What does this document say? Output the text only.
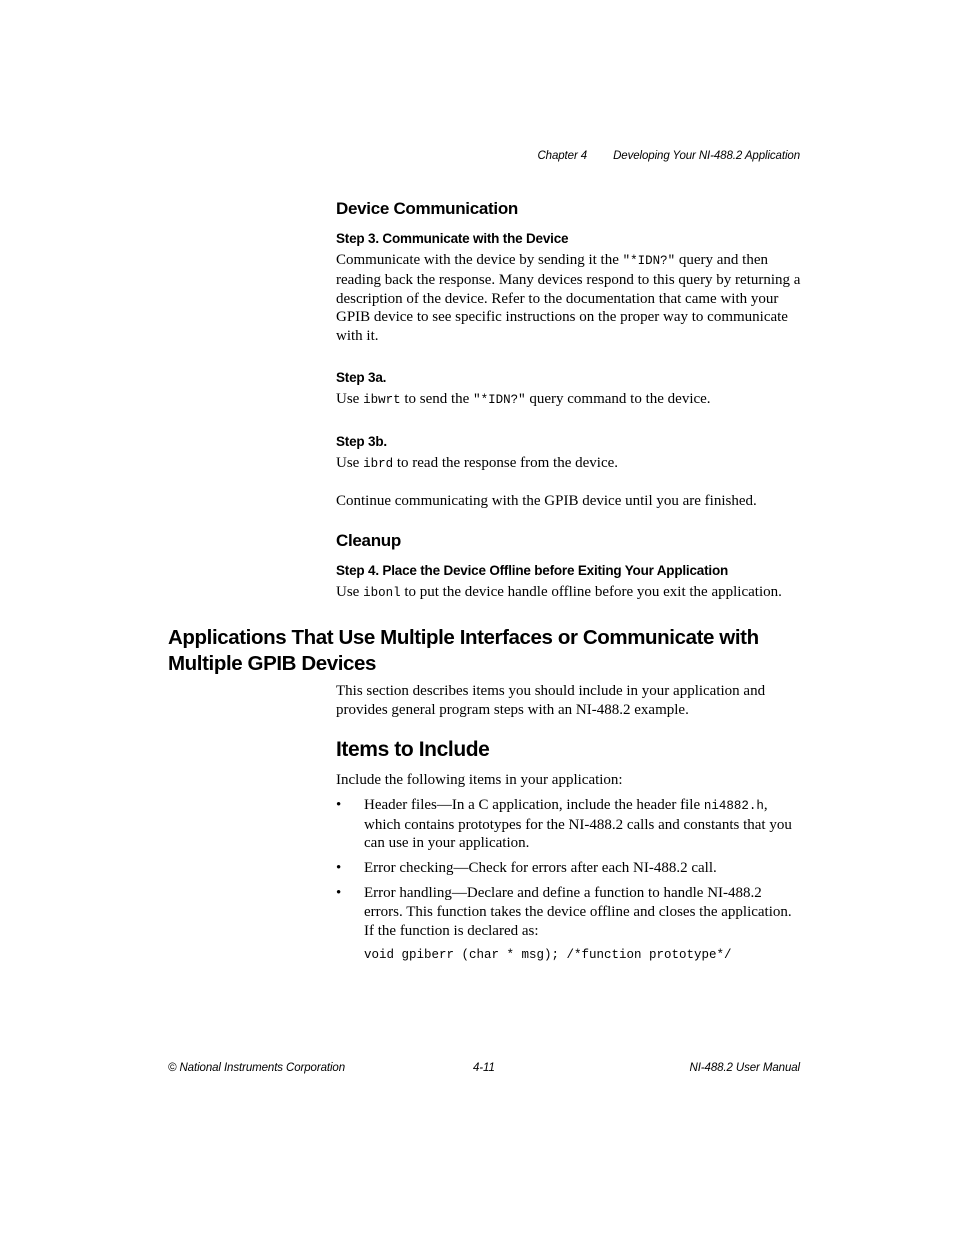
Chapter 4 Developing Your NI-488.2 Application
Device Communication
Step 3. Communicate with the Device

Communicate with the device by sending it the "*IDN?" query and then reading back the response. Many devices respond to this query by returning a description of the device. Refer to the documentation that came with your GPIB device to see specific instructions on the proper way to communicate with it.

Step 3a.

Use ibwrt to send the "*IDN?" query command to the device.

Step 3b.

Use ibrd to read the response from the device.

Continue communicating with the GPIB device until you are finished.

Cleanup
Step 4. Place the Device Offline before Exiting Your Application

Use ibonl to put the device handle offline before you exit the application.

Applications That Use Multiple Interfaces or Communicate with
Multiple GPIB Devices

This section describes items you should include in your application and provides general program steps with an NI-488.2 example.

Items to Include

Include the following items in your application:

• Header files—In a C application, include the header file ni4882.h, which contains prototypes for the NI-488.2 calls and constants that you can use in your application.
• Error checking—Check for errors after each NI-488.2 call.
• Error handling—Declare and define a function to handle NI-488.2 errors. This function takes the device offline and closes the application. If the function is declared as:
void gpiberr (char * msg); /*function prototype*/
© National Instruments Corporation	4-11	NI-488.2 User Manual
